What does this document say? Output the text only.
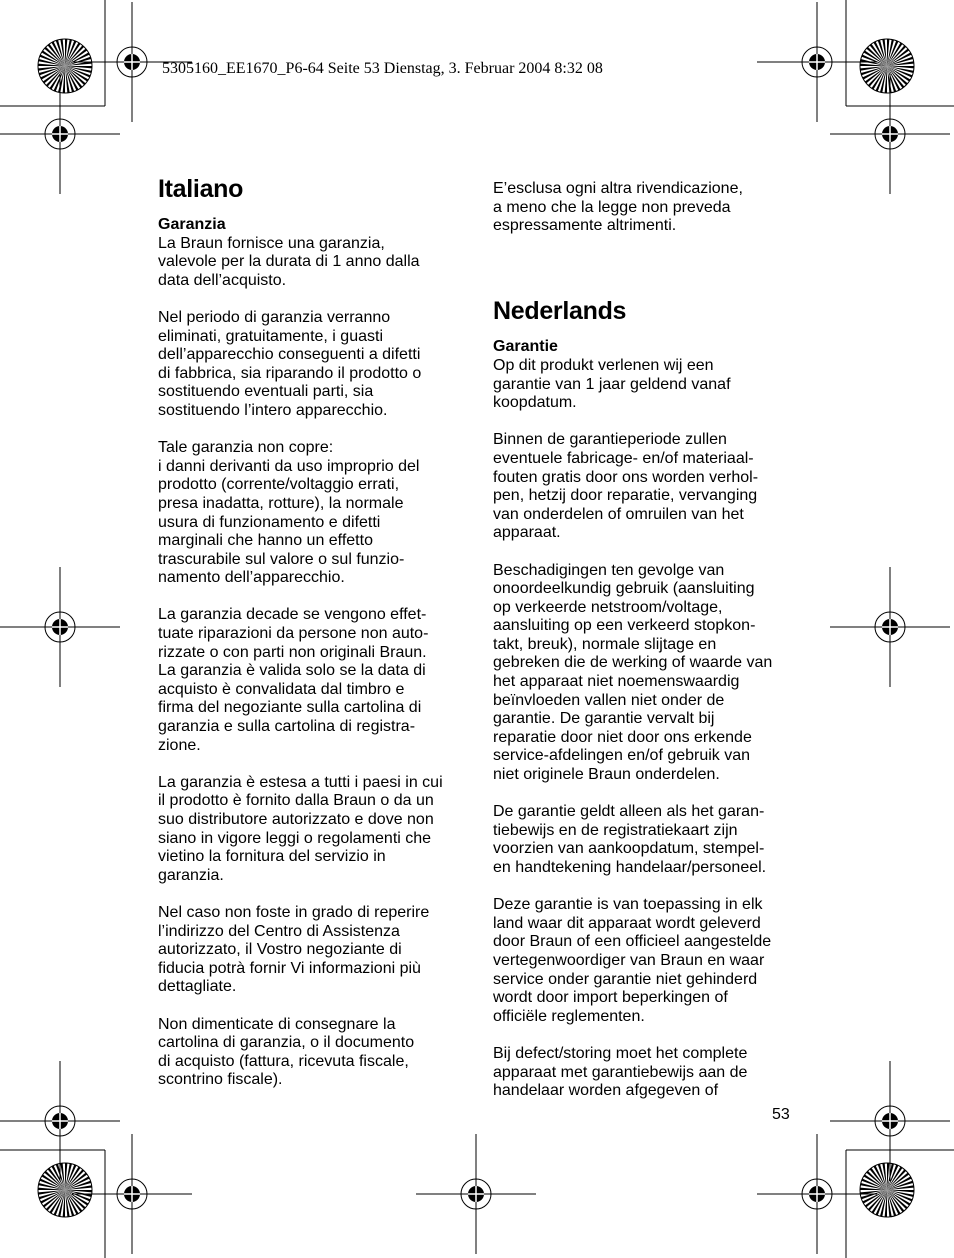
5305160_EE1670_P6-64 Seite 53 Dienstag, 3. Februar 2004 8:32 08
Italiano
Garanzia

La Braun fornisce una garanzia,
valevole per la durata di 1 anno dalla
data dell’acquisto.

Nel periodo di garanzia verranno
eliminati, gratuitamente, i guasti
dell’apparecchio conseguenti a difetti
di fabbrica, sia riparando il prodotto o
sostituendo eventuali parti, sia
sostituendo l’intero apparecchio.

Tale garanzia non copre:
i danni derivanti da uso improprio del
prodotto (corrente/voltaggio errati,
presa inadatta, rotture), la normale
usura di funzionamento e difetti
marginali che hanno un effetto
trascurabile sul valore o sul funzio-
namento dell’apparecchio.

La garanzia decade se vengono effet-
tuate riparazioni da persone non auto-
rizzate o con parti non originali Braun.
La garanzia è valida solo se la data di
acquisto è convalidata dal timbro e
firma del negoziante sulla cartolina di
garanzia e sulla cartolina di registra-
zione.

La garanzia è estesa a tutti i paesi in cui
il prodotto è fornito dalla Braun o da un
suo distributore autorizzato e dove non
siano in vigore leggi o regolamenti che
vietino la fornitura del servizio in
garanzia.

Nel caso non foste in grado di reperire
l’indirizzo del Centro di Assistenza
autorizzato, il Vostro negoziante di
fiducia potrà fornir Vi informazioni più
dettagliate.

Non dimenticate di consegnare la
cartolina di garanzia, o il documento
di acquisto (fattura, ricevuta fiscale,
scontrino fiscale).

E’esclusa ogni altra rivendicazione,
a meno che la legge non preveda
espressamente altrimenti.

Nederlands
Garantie

Op dit produkt verlenen wij een
garantie van 1 jaar geldend vanaf
koopdatum.

Binnen de garantieperiode zullen
eventuele fabricage- en/of materiaal-
fouten gratis door ons worden verhol-
pen, hetzij door reparatie, vervanging
van onderdelen of omruilen van het
apparaat.

Beschadigingen ten gevolge van
onoordeelkundig gebruik (aansluiting
op verkeerde netstroom/voltage,
aansluiting op een verkeerd stopkon-
takt, breuk), normale slijtage en
gebreken die de werking of waarde van
het apparaat niet noemenswaardig
beïnvloeden vallen niet onder de
garantie. De garantie vervalt bij
reparatie door niet door ons erkende
service-afdelingen en/of gebruik van
niet originele Braun onderdelen.

De garantie geldt alleen als het garan-
tiebewijs en de registratiekaart zijn
voorzien van aankoopdatum, stempel-
en handtekening handelaar/personeel.

Deze garantie is van toepassing in elk
land waar dit apparaat wordt geleverd
door Braun of een officieel aangestelde
vertegenwoordiger van Braun en waar
service onder garantie niet gehinderd
wordt door import beperkingen of
officiële reglementen.

Bij defect/storing moet het complete
apparaat met garantiebewijs aan de
handelaar worden afgegeven of

53
